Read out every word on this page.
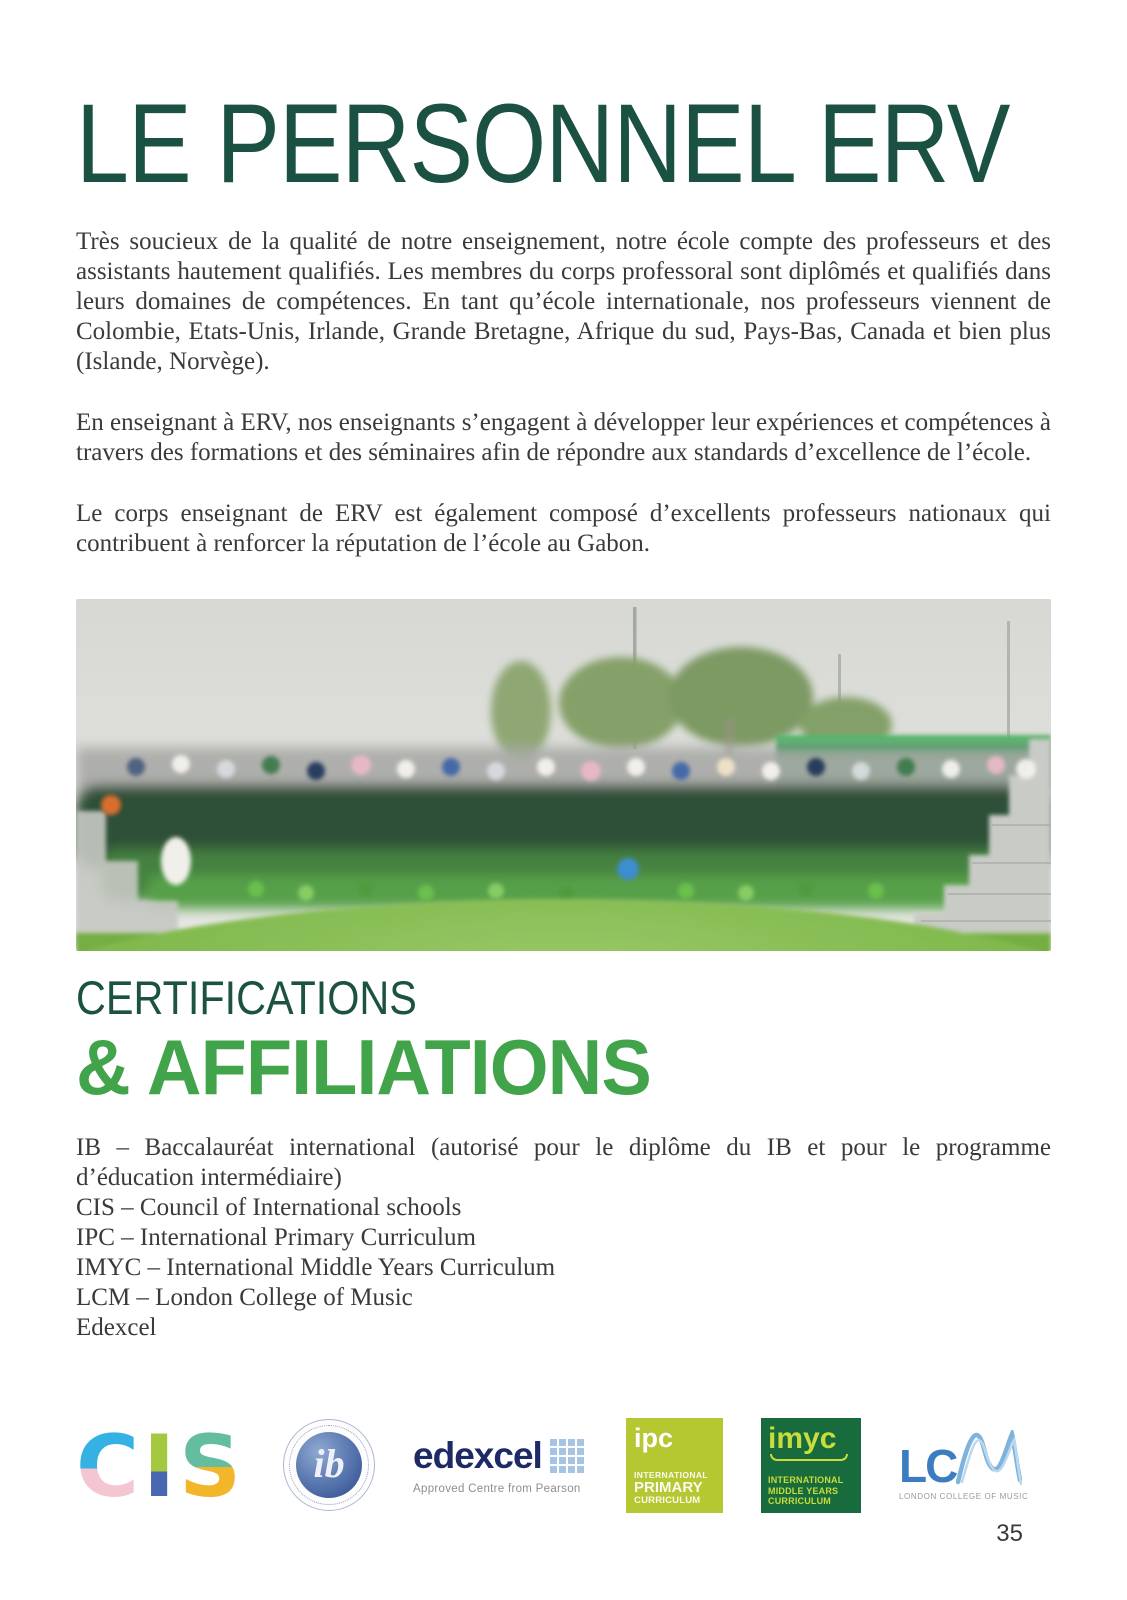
LE PERSONNEL ERV

Très soucieux de la qualité de notre enseignement, notre école compte des professeurs et des assistants hautement qualifiés. Les membres du corps professoral sont diplômés et qualifiés dans leurs domaines de compétences. En tant qu’école internationale, nos professeurs viennent de Colombie, Etats-Unis, Irlande, Grande Bretagne, Afrique du sud, Pays-Bas, Canada et bien plus (Islande, Norvège).

En enseignant à ERV, nos enseignants s’engagent à développer leur expériences et compétences à travers des formations et des séminaires afin de répondre aux standards d’excellence de l’école.

Le corps enseignant de ERV est également composé d’excellents professeurs nationaux qui contribuent à renforcer la réputation de l’école au Gabon.

CERTIFICATIONS
& AFFILIATIONS
IB – Baccalauréat international (autorisé pour le diplôme du IB et pour le programme d’éducation intermédiaire)
CIS – Council of International schools
IPC – International Primary Curriculum
IMYC – International Middle Years Curriculum
LCM – London College of Music
Edexcel
C I S ib edexcel
Approved Centre from Pearson
ipc
INTERNATIONAL
PRIMARY
CURRICULUM
imyc
INTERNATIONAL
MIDDLE YEARS
CURRICULUM
LC
LONDON COLLEGE OF MUSIC
35
